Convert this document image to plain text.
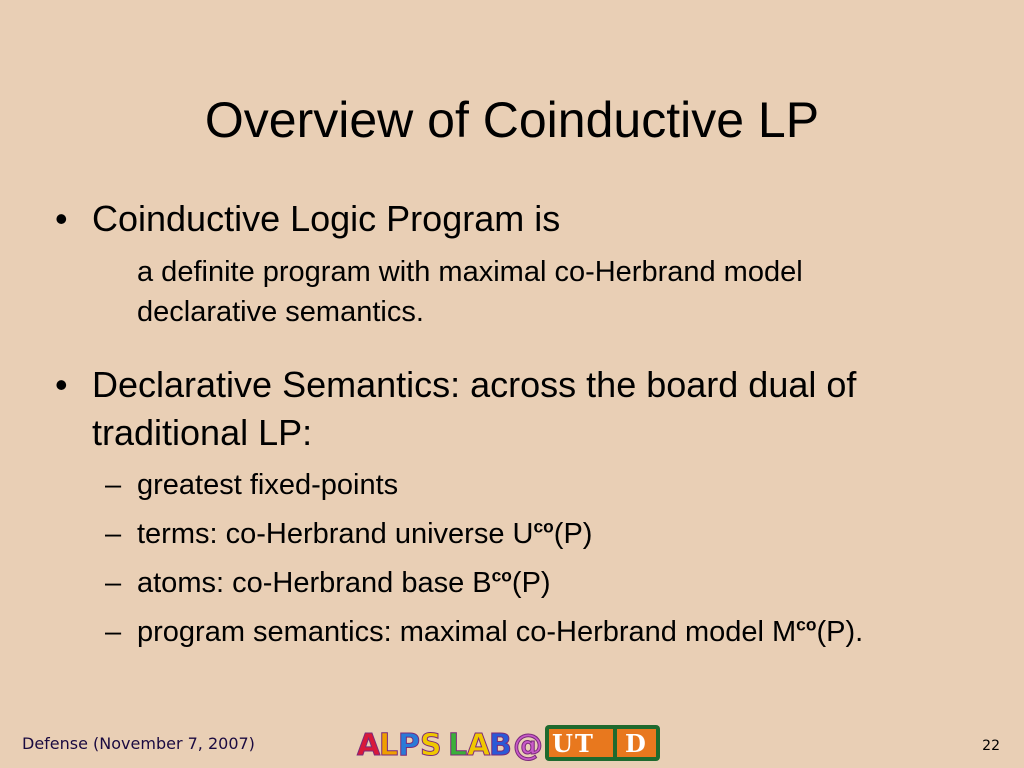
Overview of Coinductive LP
• Coinductive Logic Program is
a definite program with maximal co-Herbrand model
declarative semantics.
• Declarative Semantics: across the board dual of
traditional LP:
– greatest fixed-points
– terms: co-Herbrand universe $U^{co}(P)$
– atoms: co-Herbrand base $B^{co}(P)$
– program semantics: maximal co-Herbrand model $M^{co}(P)$.
Defense (November 7, 2007)	A
L P S L A
B @ U T D	22
